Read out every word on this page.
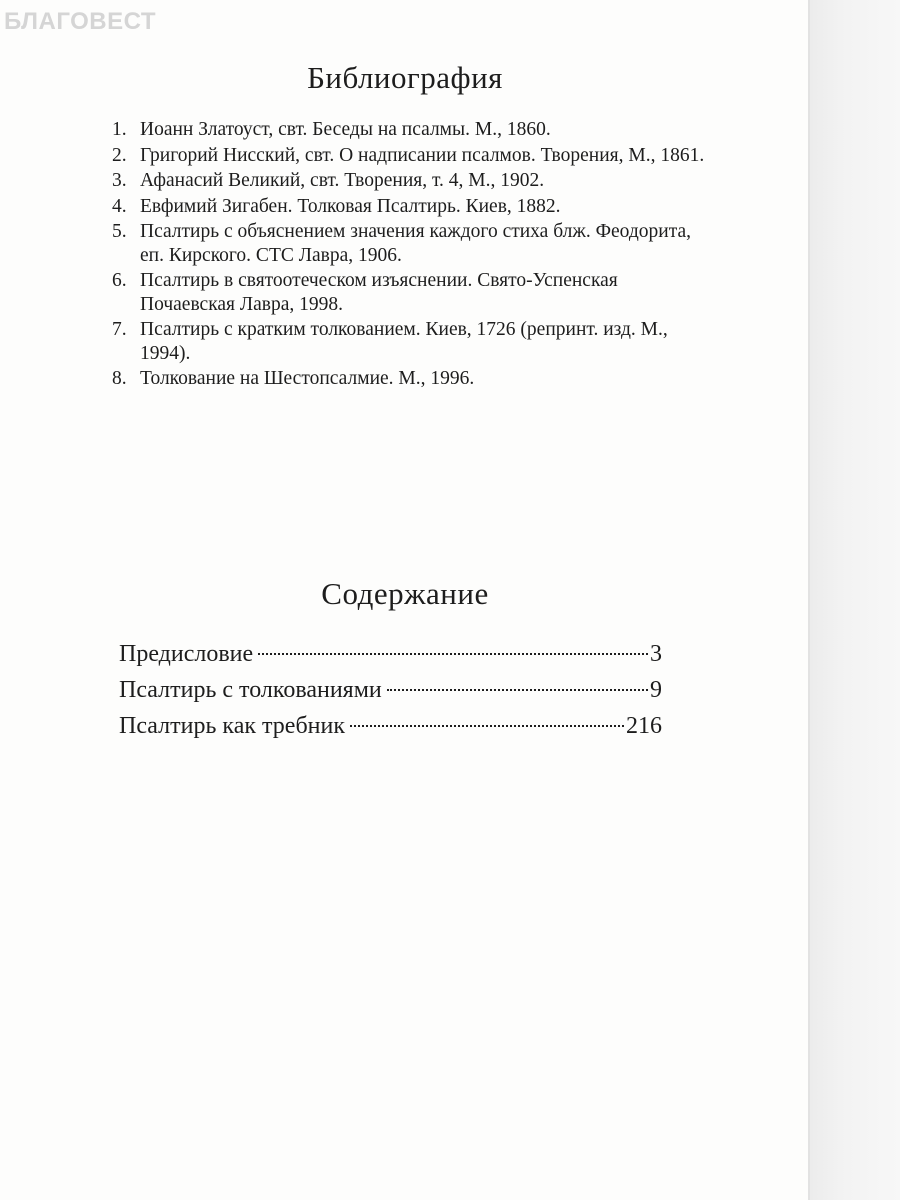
БЛАГОВЕСТ
Библиография
1. Иоанн Златоуст, свт. Беседы на псалмы. М., 1860.
2. Григорий Нисский, свт. О надписании псалмов. Творения, М., 1861.
3. Афанасий Великий, свт. Творения, т. 4, М., 1902.
4. Евфимий Зигабен. Толковая Псалтирь. Киев, 1882.
5. Псалтирь с объяснением значения каждого стиха блж. Феодорита, еп. Кирского. СТС Лавра, 1906.
6. Псалтирь в святоотеческом изъяснении. Свято-Успенская Почаевская Лавра, 1998.
7. Псалтирь с кратким толкованием. Киев, 1726 (репринт. изд. М., 1994).
8. Толкование на Шестопсалмие. М., 1996.
Содержание
Предисловие	3
Псалтирь с толкованиями	9
Псалтирь как требник	216
